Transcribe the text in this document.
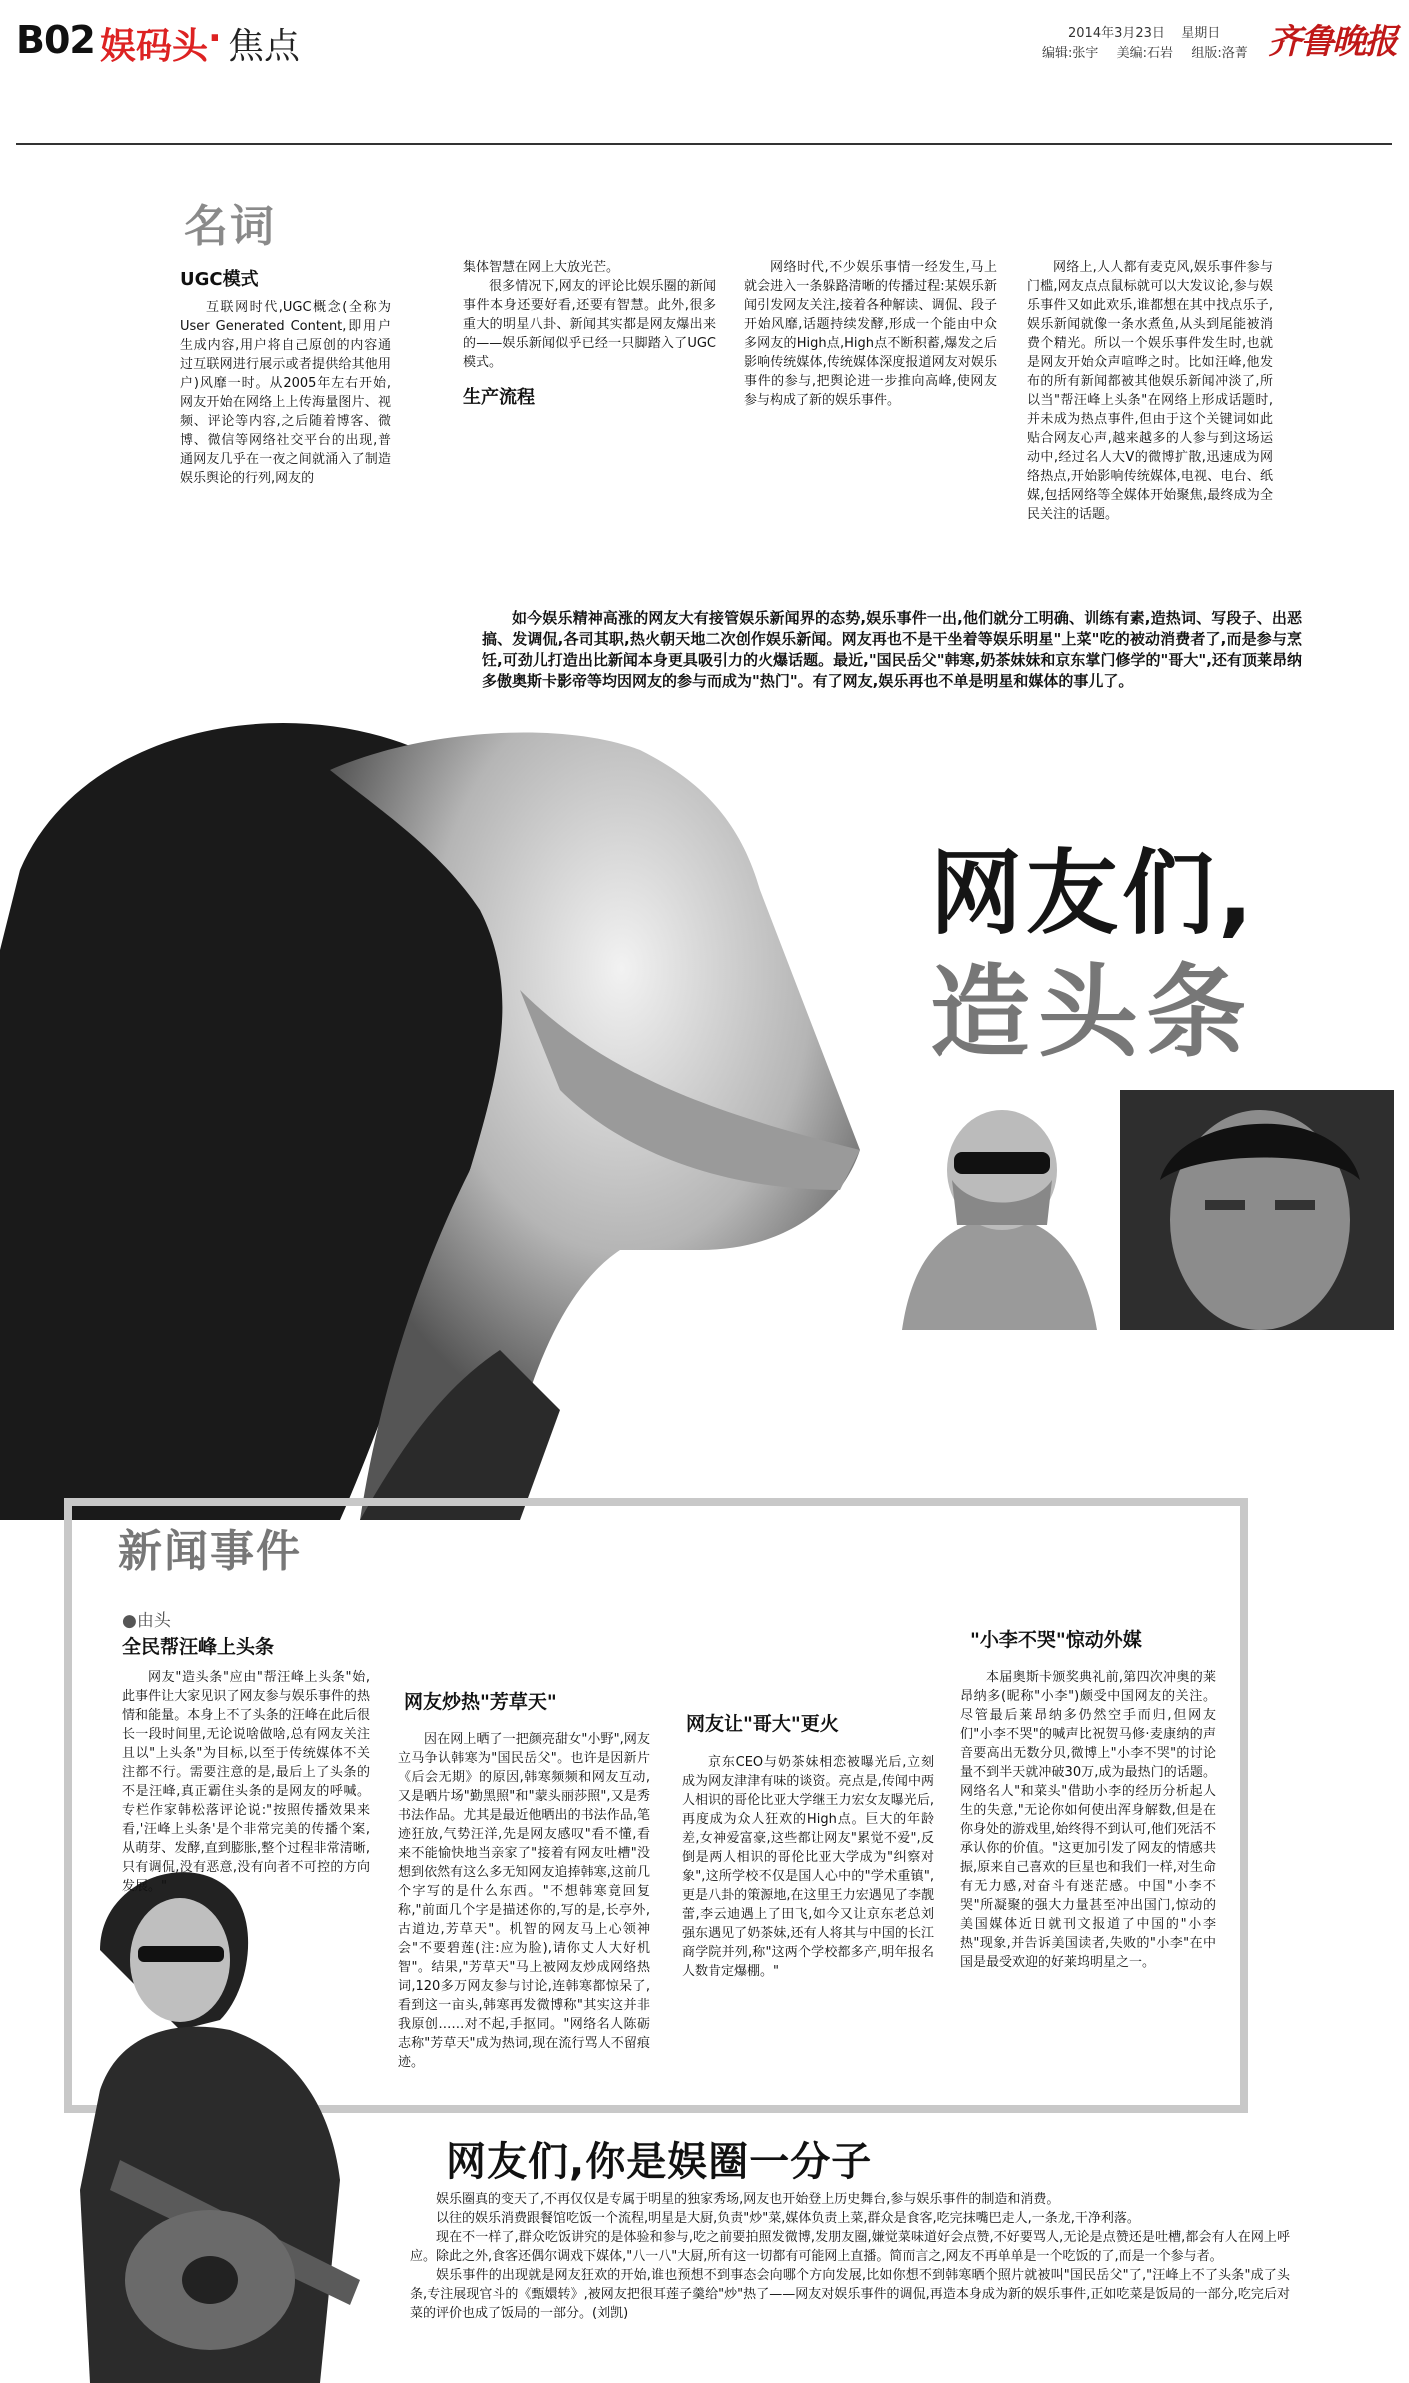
B02 娱码头 · 焦点	2014年3月23日 星期日
编辑:张宇 美编:石岩 组版:洛菁 齐鲁晚报
名词
UGC模式

互联网时代,UGC概念(全称为User Generated Content,即用户生成内容,用户将自己原创的内容通过互联网进行展示或者提供给其他用户)风靡一时。从2005年左右开始,网友开始在网络上上传海量图片、视频、评论等内容,之后随着博客、微博、微信等网络社交平台的出现,普通网友几乎在一夜之间就涌入了制造娱乐舆论的行列,网友的

集体智慧在网上大放光芒。

很多情况下,网友的评论比娱乐圈的新闻事件本身还要好看,还要有智慧。此外,很多重大的明星八卦、新闻其实都是网友爆出来的——娱乐新闻似乎已经一只脚踏入了UGC模式。

生产流程

网络时代,不少娱乐事情一经发生,马上就会进入一条躲路清晰的传播过程:某娱乐新闻引发网友关注,接着各种解读、调侃、段子开始风靡,话题持续发酵,形成一个能由中众多网友的High点,High点不断积蓄,爆发之后影响传统媒体,传统媒体深度报道网友对娱乐事件的参与,把舆论进一步推向高峰,使网友参与构成了新的娱乐事件。

网络上,人人都有麦克风,娱乐事件参与门槛,网友点点鼠标就可以大发议论,参与娱乐事件又如此欢乐,谁都想在其中找点乐子,娱乐新闻就像一条水煮鱼,从头到尾能被消费个精光。所以一个娱乐事件发生时,也就是网友开始众声喧哗之时。比如汪峰,他发布的所有新闻都被其他娱乐新闻冲淡了,所以当"帮汪峰上头条"在网络上形成话题时,并未成为热点事件,但由于这个关键词如此贴合网友心声,越来越多的人参与到这场运动中,经过名人大V的微博扩散,迅速成为网络热点,开始影响传统媒体,电视、电台、纸媒,包括网络等全媒体开始聚焦,最终成为全民关注的话题。

如今娱乐精神高涨的网友大有接管娱乐新闻界的态势,娱乐事件一出,他们就分工明确、训练有素,造热词、写段子、出恶搞、发调侃,各司其职,热火朝天地二次创作娱乐新闻。网友再也不是干坐着等娱乐明星"上菜"吃的被动消费者了,而是参与烹饪,可劲儿打造出比新闻本身更具吸引力的火爆话题。最近,"国民岳父"韩寒,奶茶妹妹和京东掌门修学的"哥大",还有顶莱昂纳多傲奥斯卡影帝等均因网友的参与而成为"热门"。有了网友,娱乐再也不单是明星和媒体的事儿了。
网友们,
造头条
新闻事件
●由头
全民帮汪峰上头条

网友"造头条"应由"帮汪峰上头条"始,此事件让大家见识了网友参与娱乐事件的热情和能量。本身上不了头条的汪峰在此后很长一段时间里,无论说啥做啥,总有网友关注且以"上头条"为目标,以至于传统媒体不关注都不行。需要注意的是,最后上了头条的不是汪峰,真正霸住头条的是网友的呼喊。专栏作家韩松落评论说:"按照传播效果来看,'汪峰上头条'是个非常完美的传播个案,从萌芽、发酵,直到膨胀,整个过程非常清晰,只有调侃,没有恶意,没有向者不可控的方向发展。"

网友炒热"芳草天"

因在网上晒了一把颜亮甜女"小野",网友立马争认韩寒为"国民岳父"。也许是因新片《后会无期》的原因,韩寒频频和网友互动,又是晒片场"勤黑照"和"蒙头丽莎照",又是秀书法作品。尤其是最近他晒出的书法作品,笔迹狂放,气势汪洋,先是网友感叹"看不懂,看来不能愉快地当亲家了"接着有网友吐槽"没想到依然有这么多无知网友追捧韩寒,这前几个字写的是什么东西。"不想韩寒竟回复称,"前面几个字是描述你的,写的是,长亭外,古道边,芳草天"。机智的网友马上心领神会"不要碧莲(注:应为脸),请你丈人大好机智"。结果,"芳草天"马上被网友炒成网络热词,120多万网友参与讨论,连韩寒都惊呆了,看到这一亩头,韩寒再发微博称"其实这并非我原创……对不起,手抠同。"网络名人陈砺志称"芳草天"成为热词,现在流行骂人不留痕迹。

网友让"哥大"更火

京东CEO与奶茶妹相恋被曝光后,立刻成为网友津津有味的谈资。亮点是,传闻中两人相识的哥伦比亚大学继王力宏女友曝光后,再度成为众人狂欢的High点。巨大的年龄差,女神爱富豪,这些都让网友"累觉不爱",反倒是两人相识的哥伦比亚大学成为"纠察对象",这所学校不仅是国人心中的"学术重镇",更是八卦的策源地,在这里王力宏遇见了李靓蕾,李云迪遇上了田飞,如今又让京东老总刘强东遇见了奶茶妹,还有人将其与中国的长江商学院并列,称"这两个学校都多产,明年报名人数肯定爆棚。"

"小李不哭"惊动外媒

本届奥斯卡颁奖典礼前,第四次冲奥的莱昂纳多(昵称"小李")颇受中国网友的关注。尽管最后莱昂纳多仍然空手而归,但网友们"小李不哭"的喊声比祝贺马修·麦康纳的声音要高出无数分贝,微博上"小李不哭"的讨论量不到半天就冲破30万,成为最热门的话题。网络名人"和菜头"借助小李的经历分析起人生的失意,"无论你如何使出浑身解数,但是在你身处的游戏里,始终得不到认可,他们死活不承认你的价值。"这更加引发了网友的情感共振,原来自己喜欢的巨星也和我们一样,对生命有无力感,对奋斗有迷茫感。中国"小李不哭"所凝聚的强大力量甚至冲出国门,惊动的美国媒体近日就刊文报道了中国的"小李热"现象,并告诉美国读者,失败的"小李"在中国是最受欢迎的好莱坞明星之一。

网友们,你是娱圈一分子

娱乐圈真的变天了,不再仅仅是专属于明星的独家秀场,网友也开始登上历史舞台,参与娱乐事件的制造和消费。

以往的娱乐消费跟餐馆吃饭一个流程,明星是大厨,负责"炒"菜,媒体负责上菜,群众是食客,吃完抹嘴巴走人,一条龙,干净利落。

现在不一样了,群众吃饭讲究的是体验和参与,吃之前要拍照发微博,发朋友圈,嫌觉菜味道好会点赞,不好要骂人,无论是点赞还是吐槽,都会有人在网上呼应。除此之外,食客还偶尔调戏下媒体,"八一八"大厨,所有这一切都有可能网上直播。简而言之,网友不再单单是一个吃饭的了,而是一个参与者。

娱乐事件的出现就是网友狂欢的开始,谁也预想不到事态会向哪个方向发展,比如你想不到韩寒晒个照片就被叫"国民岳父"了,"汪峰上不了头条"成了头条,专注展现官斗的《甄嬛转》,被网友把很耳莲子羹给"炒"热了——网友对娱乐事件的调侃,再造本身成为新的娱乐事件,正如吃菜是饭局的一部分,吃完后对菜的评价也成了饭局的一部分。(刘凯)
